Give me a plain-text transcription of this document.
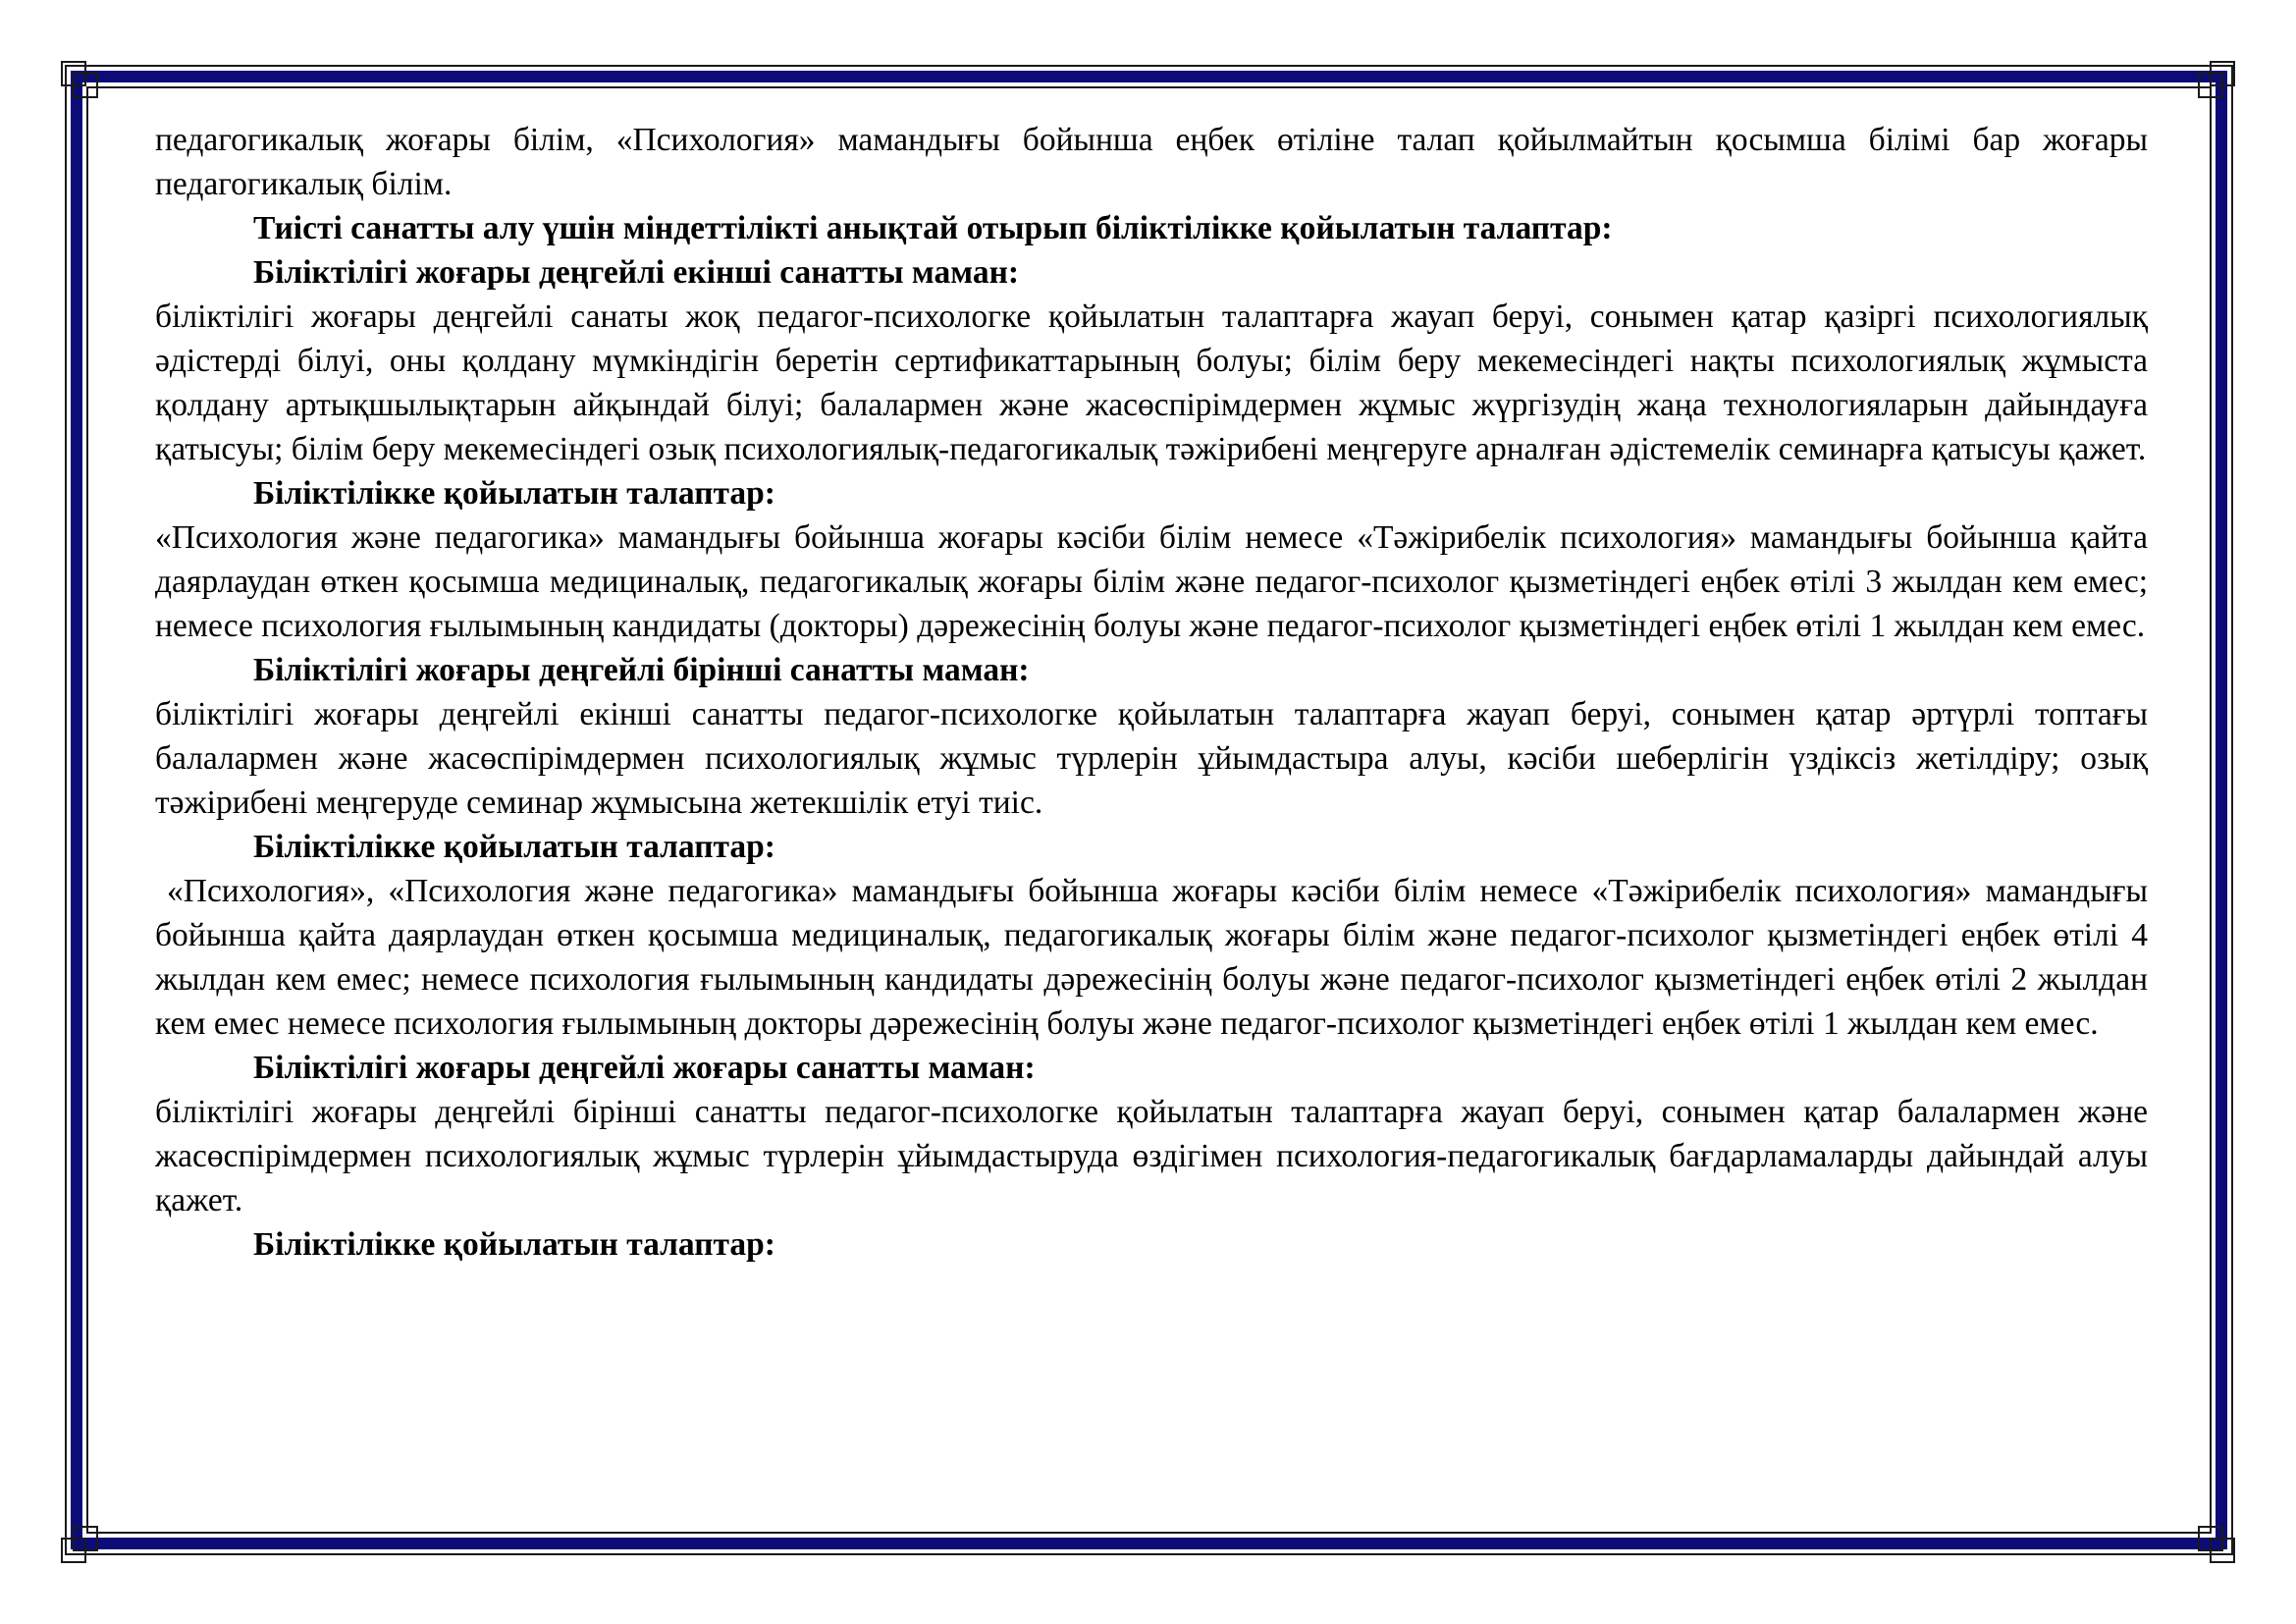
педагогикалық жоғары білім, «Психология» мамандығы бойынша еңбек өтіліне талап қойылмайтын қосымша білімі бар жоғары педагогикалық білім.

Тиісті санатты алу үшін міндеттілікті анықтай отырып біліктілікке қойылатын талаптар:

Біліктілігі жоғары деңгейлі екінші санатты маман:

біліктілігі жоғары деңгейлі санаты жоқ педагог-психологке қойылатын талаптарға жауап беруі, сонымен қатар қазіргі психологиялық әдістерді білуі, оны қолдану мүмкіндігін беретін сертификаттарының болуы; білім беру мекемесіндегі нақты психологиялық жұмыста қолдану артықшылықтарын айқындай білуі; балалармен және жасөспірімдермен жұмыс жүргізудің жаңа технологияларын дайындауға қатысуы; білім беру мекемесіндегі озық психологиялық-педагогикалық тәжірибені меңгеруге арналған әдістемелік семинарға қатысуы қажет.

Біліктілікке қойылатын талаптар:

«Психология және педагогика» мамандығы бойынша жоғары кәсіби білім немесе «Тәжірибелік психология» мамандығы бойынша қайта даярлаудан өткен қосымша медициналық, педагогикалық жоғары білім және педагог-психолог қызметіндегі еңбек өтілі 3 жылдан кем емес; немесе психология ғылымының кандидаты (докторы) дәрежесінің болуы және педагог-психолог қызметіндегі еңбек өтілі 1 жылдан кем емес.

Біліктілігі жоғары деңгейлі бірінші санатты маман:

біліктілігі жоғары деңгейлі екінші санатты педагог-психологке қойылатын талаптарға жауап беруі, сонымен қатар әртүрлі топтағы балалармен және жасөспірімдермен психологиялық жұмыс түрлерін ұйымдастыра алуы, кәсіби шеберлігін үздіксіз жетілдіру; озық тәжірибені меңгеруде семинар жұмысына жетекшілік етуі тиіс.

Біліктілікке қойылатын талаптар:

«Психология», «Психология және педагогика» мамандығы бойынша жоғары кәсіби білім немесе «Тәжірибелік психология» мамандығы бойынша қайта даярлаудан өткен қосымша медициналық, педагогикалық жоғары білім және педагог-психолог қызметіндегі еңбек өтілі 4 жылдан кем емес; немесе психология ғылымының кандидаты дәрежесінің болуы және педагог-психолог қызметіндегі еңбек өтілі 2 жылдан кем емес немесе психология ғылымының докторы дәрежесінің болуы және педагог-психолог қызметіндегі еңбек өтілі 1 жылдан кем емес.

Біліктілігі жоғары деңгейлі жоғары санатты маман:

біліктілігі жоғары деңгейлі бірінші санатты педагог-психологке қойылатын талаптарға жауап беруі, сонымен қатар балалармен және жасөспірімдермен психологиялық жұмыс түрлерін ұйымдастыруда өздігімен психология-педагогикалық бағдарламаларды дайындай алуы қажет.

Біліктілікке қойылатын талаптар:
